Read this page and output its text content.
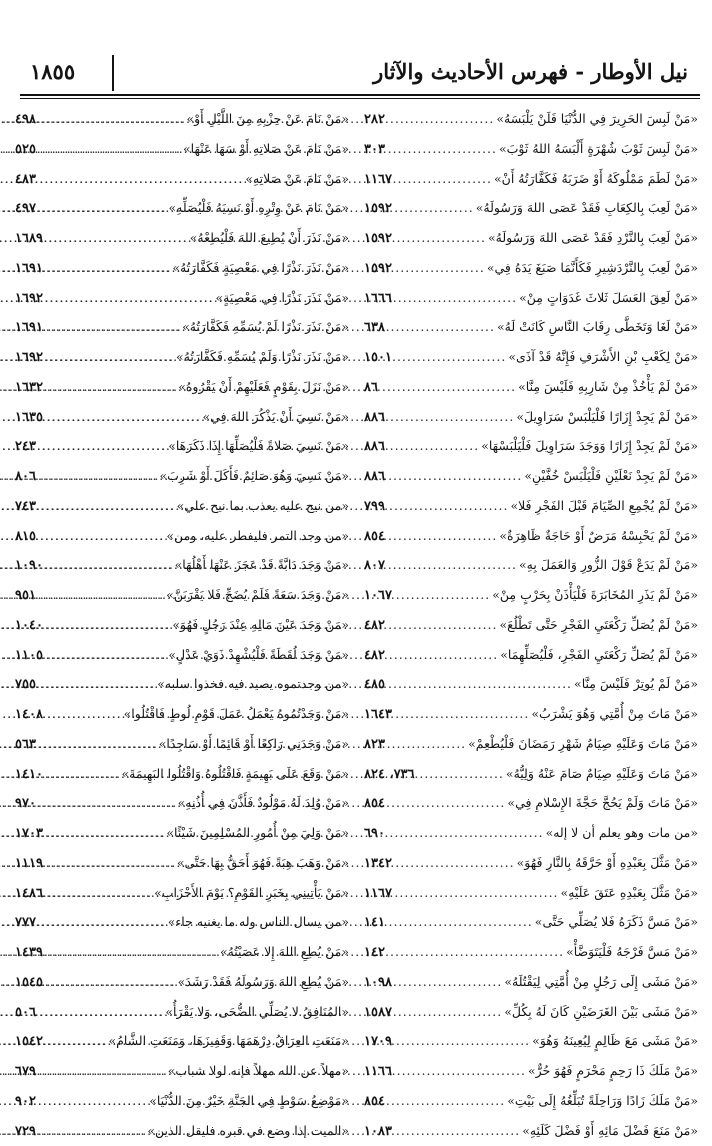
نيل الأوطار - فهرس الأحاديث والآثار
١٨٥٥
«مَنْ لَبِسَ الحَرِيرَ فِي الدُّنْيَا فَلَنْ يَلْبَسَهُ»
.....
٢٨٢
«مَنْ لَبِسَ ثَوْبَ شُهْرَةٍ أَلْبَسَهُ اللهُ ثَوْبَ»
.....
٣٠٣
«مَنْ لَطَمَ مَمْلُوكَهُ أَوْ ضَرَبَهُ فَكَفَّارَتُهُ أَنْ»
.....
١١٦٧
«مَنْ لَعِبَ بِالكِعَابِ فَقَدْ عَصَى اللهَ وَرَسُولَهُ»
.....
١٥٩٢
«مَنْ لَعِبَ بِالنَّرْدِ فَقَدْ عَصَى اللهَ وَرَسُولَهُ»
.....
١٥٩٢
«مَنْ لَعِبَ بِالنَّرْدَشِيرِ فَكَأَنَّمَا صَبَغَ يَدَهُ فِي»
.....
١٥٩٢
«مَنْ لَعِقَ العَسَلَ ثَلاثَ غَدَوَاتٍ مِنْ»
.....
١٦٦٦
«مَنْ لَغَا وَتَخَطَّى رِقَابَ النَّاسِ كَانَتْ لَهُ»
.....
٦٣٨
«مَنْ لِكَعْبِ بْنِ الأَشْرَفِ فَإِنَّهُ قَدْ آذَى»
.....
١٥٠١
«مَنْ لَمْ يَأْخُذْ مِنْ شَارِبِهِ فَلَيْسَ مِنَّا»
.....
٨٦
«مَنْ لَمْ يَجِدْ إِزَارًا فَلْيَلْبَسْ سَرَاوِيلَ»
.....
٨٨٦
«مَنْ لَمْ يَجِدْ إِزَارًا وَوَجَدَ سَرَاوِيلَ فَلْيَلْبَسْهَا»
.....
٨٨٦
«مَنْ لَمْ يَجِدْ نَعْلَيْنِ فَلْيَلْبَسْ خُفَّيْنِ»
.....
٨٨٦
«مَنْ لَمْ يُجْمِعِ الصِّيَامَ قَبْلَ الفَجْرِ فَلا»
.....
٧٩٩
«مَنْ لَمْ يَحْبِسْهُ مَرَضٌ أَوْ حَاجَةٌ ظَاهِرَةٌ»
.....
٨٥٤
«مَنْ لَمْ يَدَعْ قَوْلَ الزُّورِ وَالعَمَلَ بِهِ»
.....
٨٠٧
«مَنْ لَمْ يَذَرِ المُخَابَرَةَ فَلْيَأْذَنْ بِحَرْبٍ مِنْ»
.....
١٠٦٧
«مَنْ لَمْ يُصَلِّ رَكْعَتَيِ الفَجْرِ حَتَّى تَطْلُعَ»
.....
٤٨٢
«مَنْ لَمْ يُصَلِّ رَكْعَتَيِ الفَجْرِ، فَلْيُصَلِّهِمَا»
.....
٤٨٢
«مَنْ لَمْ يُوتِرْ فَلَيْسَ مِنَّا»
.....
٤٨٥
«مَنْ مَاتَ مِنْ أُمَّتِي وَهُوَ يَشْرَبُ»
.....
١٦٤٣
«مَنْ مَاتَ وَعَلَيْهِ صِيَامُ شَهْرِ رَمَضَانَ فَلْيُطْعِمْ»
.....
٨٢٣
«مَنْ مَاتَ وَعَلَيْهِ صِيَامٌ صَامَ عَنْهُ وَلِيُّهُ»
.....
٧٣٦، ٨٢٤
«مَنْ مَاتَ وَلَمْ يَحُجَّ حَجَّةَ الإِسْلامِ فِي»
.....
٨٥٤
«من مات وهو يعلم أن لا إله»
.....
٦٩٠
«مَنْ مَثَّلَ بِعَبْدِهِ أَوْ حَرَّقَهُ بِالنَّارِ فَهُوَ»
.....
١٣٤٢
«مَنْ مَثَّلَ بِعَبْدِهِ عَتَقَ عَلَيْهِ»
.....
١١٦٧
«مَنْ مَسَّ ذَكَرَهُ فَلا يُصَلِّي حَتَّى»
.....
١٤١
«مَنْ مَسَّ فَرْجَهُ فَلْيَتَوَضَّأْ»
.....
١٤٢
«مَنْ مَشَى إِلَى رَجُلٍ مِنْ أُمَّتِي لِيَقْتُلَهُ»
.....
١٠٩٨
«مَنْ مَشَى بَيْنَ الغَرَضَيْنِ كَانَ لَهُ بِكُلِّ»
.....
١٥٨٧
«مَنْ مَشَى مَعَ ظَالِمٍ لِيُعِينَهُ وَهُوَ»
.....
١٧٠٩
«مَنْ مَلَكَ ذَا رَحِمٍ مَحْرَمٍ فَهُوَ حُرٌّ»
.....
١١٦٦
«مَنْ مَلَكَ زَادًا وَرَاحِلَةً تُبَلِّغُهُ إِلَى بَيْتِ»
.....
٨٥٤
«مَنْ مَنَعَ فَضْلَ مَائِهِ أَوْ فَضْلَ كَلَئِهِ»
.....
١٠٨٣
«مَنْ نَامَ عَنْ حِزْبِهِ مِنَ اللَّيْلِ أَوْ»
.....
٤٩٨
«مَنْ نَامَ عَنْ صَلاتِهِ أَوْ سَهَا عَنْهَا»
.....
٥٢٥
«مَنْ نَامَ عَنْ صَلاتِهِ»
.....
٤٨٣
«مَنْ نَامَ عَنْ وِتْرِهِ أَوْ نَسِيَهُ فَلْيُصَلِّهِ»
.....
٤٩٧
«مَنْ نَذَرَ أَنْ يُطِيعَ اللهَ فَلْيُطِعْهُ»
.....
١٦٨٩
«مَنْ نَذَرَ نَذْرًا فِي مَعْصِيَةٍ فَكَفَّارَتُهُ»
.....
١٦٩١
«مَنْ نَذَرَ نَذْرًا فِي مَعْصِيَةٍ»
.....
١٦٩٢
«مَنْ نَذَرَ نَذْرًا لَمْ يُسَمِّهِ فَكَفَّارَتُهُ»
.....
١٦٩١
«مَنْ نَذَرَ نَذْرًا وَلَمْ يُسَمِّهِ فَكَفَّارَتُهُ»
.....
١٦٩٢
«مَنْ نَزَلَ بِقَوْمٍ فَعَلَيْهِمْ أَنْ يَقْرُوهُ»
.....
١٦٣٢
«مَنْ نَسِيَ أَنْ يَذْكُرَ اللهَ فِي»
.....
١٦٣٥
«مَنْ نَسِيَ صَلاةً فَلْيُصَلِّهَا إِذَا ذَكَرَهَا»
.....
٢٤٣
«مَنْ نَسِيَ وَهُوَ صَائِمٌ فَأَكَلَ أَوْ شَرِبَ»
.....
٨٠٦
«من نيح عليه يعذب بما نيح علي»
.....
٧٤٣
«من وجد التمر فليفطر عليه، ومن»
.....
٨١٥
«مَنْ وَجَدَ دَابَّةً قَدْ عَجَزَ عَنْهَا أَهْلُهَا»
.....
١٠٩٠
«مَنْ وَجَدَ سَعَةً فَلَمْ يُضَحِّ فَلا يَقْرَبَنَّ»
.....
٩٥١
«مَنْ وَجَدَ عَيْنَ مَالِهِ عِنْدَ رَجُلٍ فَهُوَ»
.....
١٠٤٠
«مَنْ وَجَدَ لُقَطَةً فَلْيُشْهِدْ ذَوَيْ عَدْلٍ»
.....
١١٠٥
«من وجدتموه يصيد فيه فخذوا سلبه»
.....
٧٥٥
«مَنْ وَجَدْتُمُوهُ يَعْمَلُ عَمَلَ قَوْمِ لُوطٍ فَاقْتُلُوا»
.....
١٤٠٨
«مَنْ وَجَدَنِي رَاكِعًا أَوْ قَائِمًا أَوْ سَاجِدًا»
.....
٥٦٣
«مَنْ وَقَعَ عَلَى بَهِيمَةٍ فَاقْتُلُوهُ وَاقْتُلُوا البَهِيمَةَ»
.....
١٤١٠
«مَنْ وُلِدَ لَهُ مَوْلُودٌ فَأَذَّنَ فِي أُذُنِهِ»
.....
٩٧٠
«مَنْ وَلِيَ مِنْ أُمُورِ المُسْلِمِينَ شَيْئًا»
.....
١٧٠٣
«مَنْ وَهَبَ هِبَةً فَهُوَ أَحَقُّ بِهَا حَتَّى»
.....
١١١٩
«مَنْ يَأْتِينِي بِخَبَرِ القَوْمِ؟ يَوْمَ الأَحْزَابِ»
.....
١٤٨٦
«من يسال الناس وله ما يغنيه جاء»
.....
٧٧٧
«مَنْ يُطِعِ اللهَ إِلا عَصَيْتُهُ»
.....
١٤٣٩
«مَنْ يُطِعِ اللهَ وَرَسُولَهُ فَقَدْ رَشَدَ»
.....
١٥٤٥
«المُنَافِقُ لا يُصَلِّي الضُّحَى، وَلا يَقْرَأُ»
.....
٥٠٦
«مَنَعَتِ العِرَاقُ دِرْهَمَهَا وَقَفِيزَهَا، وَمَنَعَتِ الشَّامُ»
.....
١٥٤٢
«مهلاً عن الله مهلاً فإنه لولا شباب»
.....
٦٧٩
«مَوْضِعُ سَوْطٍ فِي الجَنَّةِ خَيْرٌ مِنَ الدُّنْيَا»
.....
٩٠٢
«الميت إذا وضع في قبره فليقل الذين»
.....
٧٢٩
